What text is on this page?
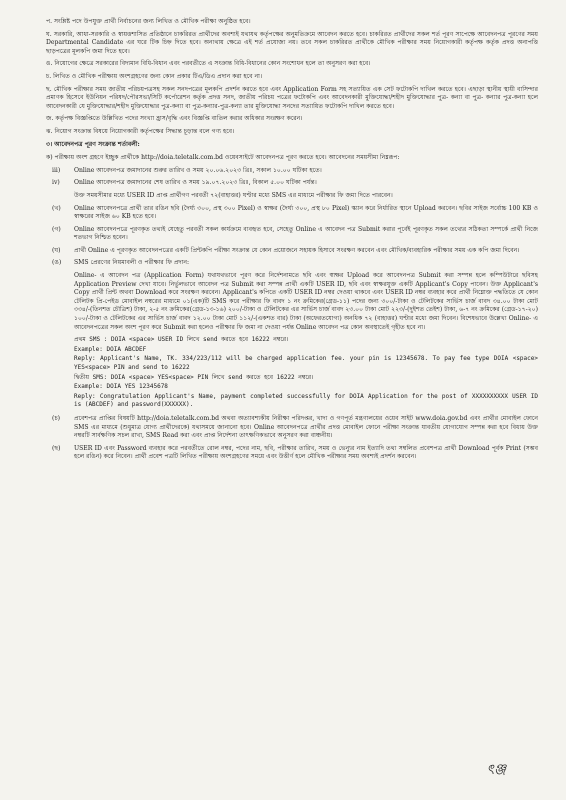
প. সংশ্লিষ্ট পদে উপযুক্ত প্রার্থী নির্বাচনের জন্য লিখিত ও মৌখিক পরীক্ষা অনুষ্ঠিত হবে।

ঘ. সরকারি, আধা-সরকারি ও স্বায়ত্তশাসিত প্রতিষ্ঠানে চাকরিরত প্রার্থীদের অবশ্যই যথাযথ কর্তৃপক্ষের অনুমতিক্রমে আবেদন করতে হবে। চাকরিরত প্রার্থীদের সকল শর্ত পূরণ সাপেক্ষে আবেদনপত্র পূরণের সময় Departmental Candidate এর ঘরে টিক চিহ্ন দিতে হবে। অন্যথায় ক্ষেত্রে এই শর্ত প্রযোজ্য নয়। তবে সকল চাকরিরত প্রার্থীকে মৌখিক পরীক্ষার সময় নিয়োগকারী কর্তৃপক্ষ কর্তৃক প্রদত্ত অনাপত্তি ছাড়পত্রের মূলকপি জমা দিতে হবে।

ঙ. নিয়োগের ক্ষেত্রে সরকারের বিদ্যমান বিধি-বিধান এবং পরবর্তীতে এ সংক্রান্ত বিধি-বিধানের কোন সংশোধন হলে তা অনুসরণ করা হবে।

চ. লিখিত ও মৌখিক পরীক্ষায় অংশগ্রহণের জন্য কোন প্রকার টিএ/ডিএ প্রদান করা হবে না।

ছ. মৌখিক পরীক্ষার সময় জাতীয় পরিচয়পত্রসহ সকল সনদপত্রের মূলকপি প্রদর্শন করতে হবে এবং Application Form সহ সত্যায়িত এক সেট ফটোকপি দাখিল করতে হবে। এছাড়া স্থানীয় স্থায়ী বাসিন্দার প্রমাণক হিসেবে ইউনিয়ন পরিষদ/পৌরসভা/সিটি কর্পোরেশন কর্তৃক প্রদত্ত সনদ, জাতীয় পরিচয় পত্রের ফটোকপি এবং আবেদনকারী মুক্তিযোদ্ধা/শহীদ মুক্তিযোদ্ধার পুত্র- কন্যা বা পুত্র- কন্যার পুত্র-কন্যা হলে আবেদনকারী যে মুক্তিযোদ্ধার/শহীদ মুক্তিযোদ্ধার পুত্র-কন্যা বা পুত্র-কন্যার-পুত্র-কন্যা তার মুক্তিযোদ্ধা সনদের সত্যায়িত ফটোকপি দাখিল করতে হবে।

জ. কর্তৃপক্ষ বিজ্ঞপ্তিতে উল্লিখিত পদের সংখ্যা হ্রাস/বৃদ্ধি এবং বিজ্ঞপ্তি বাতিল করার অধিকার সংরক্ষণ করেন।

ঝ. নিয়োগ সংক্রান্ত বিষয়ে নিয়োগকারী কর্তৃপক্ষের সিদ্ধান্ত চূড়ান্ত বলে গণ্য হবে।

৩। আবেদনপত্র পূরণ সংক্রান্ত শর্তাবলী:

ক) পরীক্ষায় অংশ গ্রহণে ইচ্ছুক প্রার্থীকে http://doia.teletalk.com.bd ওয়েবসাইটে আবেদনপত্র পূরণ করতে হবে। আবেদনের সময়সীমা নিম্নরূপ:

iii)	Online আবেদনপত্র জমাদানের শুরুর তারিখ ও সময় ২০.০৬.২০২৩ খ্রিঃ, সকাল ১০.০০ ঘটিকা হতে।
iv)	Online আবেদনপত্র জমাদানের শেষ তারিখ ও সময় ১৯.০৭.২০২৩ খ্রিঃ, বিকাল ৫.০০ ঘটিকা পর্যন্ত।
উক্ত সময়সীমার মধ্যে USER ID প্রাপ্ত প্রার্থীগণ পরবর্তী ৭২(বাহাত্তর) ঘণ্টার মধ্যে SMS এর মাধ্যমে পরীক্ষার ফি জমা দিতে পারবেন।
(খ)	Online আবেদনপত্রে প্রার্থী তার রঙিন ছবি (দৈর্ঘ্য ৩০০, প্রস্থ ৩০০ Pixel) ও স্বাক্ষর (দৈর্ঘ্য ৩০০, প্রস্থ ৮০ Pixel) স্ক্যান করে নির্ধারিত স্থানে Upload করবেন। ছবির সাইজ সর্বোচ্চ 100 KB ও স্বাক্ষরের সাইজ ৬০ KB হতে হবে।
(গ)	Online আবেদনপত্রে পূরণকৃত তথ্যই যেহেতু পরবর্তী সকল কার্যক্রমে ব্যবহৃত হবে, সেহেতু Online এ আবেদন পত্র Submit করার পূর্বেই পূরণকৃত সকল তথ্যের সঠিকতা সম্পর্কে প্রার্থী নিজে শতভাগ নিশ্চিত হবেন।
(ঘ)	প্রার্থী Online এ পূরণকৃত আবেদনপত্রের একটি প্রিন্টকপি পরীক্ষা সংক্রান্ত যে কোন প্রয়োজনে সহায়ক হিসাবে সংরক্ষণ করবেন এবং মৌখিক/ব্যবহারিক পরীক্ষার সময় এক কপি জমা দিবেন।
(ঙ)	SMS প্রেরণের নিয়মাবলী ও পরীক্ষার ফি প্রদান:

Online- এ আবেদন পত্র (Application Form) যথাযথভাবে পূরণ করে নির্দেশনামতে ছবি এবং স্বাক্ষর Upload করে আবেদনপত্র Submit করা সম্পন্ন হলে কম্পিউটারে ছবিসহ Application Preview দেখা যাবে। নির্ভুলভাবে আবেদন পত্র Submit করা সম্পন্ন প্রার্থী একটি USER ID, ছবি এবং স্বাক্ষরযুক্ত একটি Applicant's Copy পাবেন। উক্ত Applicant's Copy প্রার্থী প্রিন্ট অথবা Download করে সংরক্ষণ করবেন। Applicant's কপিতে একটি USER ID নম্বর দেওয়া থাকবে এবং USER ID নম্বর ব্যবহার করে প্রার্থী নিম্নোক্ত পদ্ধতিতে যে কোন টেলিটক প্রি-পেইড মোবাইল নম্বরের মাধ্যমে ০১(এক)টি SMS করে পরীক্ষার ফি বাবদ ১ নং ক্রমিকের(গ্রেড-১১) পদের জন্য ৩০০/-টাকা ও টেলিটকের সার্ভিস চার্জ বাবদ ৩৪.০০ টাকা মোট ৩৩৪/-(তিনশত চৌত্রিশ) টাকা, ২-৫ নং ক্রমিকের(গ্রেড-১৩-১৬) ২০০/-টাকা ও টেলিটকের এর সার্ভিস চার্জ বাবদ ২৩.০০ টাকা মোট ২২৩/-(দুইশত তেইশ) টাকা, ৬-৭ নং ক্রমিকের (গ্রেড-১৭-২০) ১০০/-টাকা ও টেলিটকের এর সার্ভিস চার্জ বাবদ ১২.০০ টাকা মোট ১১২/-(একশত বার) টাকা (অফেরতযোগ্য) অনধিক ৭২ (বাহাত্তর) ঘণ্টার মধ্যে জমা দিবেন। বিশেষভাবে উল্লেখ্য Online- এ আবেদনপত্রের সকল অংশ পূরণ করে Submit করা হলেও পরীক্ষার ফি জমা না দেওয়া পর্যন্ত Online আবেদন পত্র কোন অবস্থাতেই গৃহীত হবে না।

প্রথম SMS : DOIA <space> USER ID লিখে send করতে হবে 16222 নম্বরে।

Example: DOIA ABCDEF

Reply: Applicant's Name, TK. 334/223/112 will be charged application fee. your pin is 12345678. To pay fee type DOIA <space> YES<space> PIN and send to 16222

দ্বিতীয় SMS: DOIA <space> YES<space> PIN লিখে send করতে হবে 16222 নম্বরে।

Example: DOIA YES 12345678

Reply: Congratulation Applicant's Name, payment completed successfully for DOIA Application for the post of XXXXXXXXXX USER ID is (ABCDEF) and password(XXXXXX).

(চ)	প্রবেশপত্র প্রাপ্তির বিষয়টি http://doia.teletalk.com.bd অথবা অত্যাবশ্যকীয় নিরীক্ষা পরিদপ্তর, খাদ্য ও গণপূর্ত মন্ত্রণালয়ের ওয়েব সাইট www.doia.gov.bd এবং প্রার্থীর মোবাইল ফোনে SMS এর মাধ্যমে (শুধুমাত্র যোগ্য প্রার্থীদেরকে) যথাসময়ে জানানো হবে। Online আবেদনপত্রে প্রার্থীর প্রদত্ত মোবাইল ফোনে পরীক্ষা সংক্রান্ত যাবতীয় যোগাযোগ সম্পন্ন করা হবে বিধায় উক্ত নম্বরটি সার্বক্ষণিক সচল রাখা, SMS Read করা এবং প্রাপ্ত নির্দেশনা তাৎক্ষণিকভাবে অনুসরণ করা বাঞ্চনীয়।
(ছ)	USER ID এবং Password ব্যবহার করে পরবর্তীতে রোল নম্বর, পদের নাম, ছবি, পরীক্ষার তারিখ, সময় ও ভেন্যুর নাম ইত্যাদি তথ্য সম্বলিত প্রবেশপত্র প্রার্থী Download পূর্বক Print (সম্ভব হলে রঙিন) করে নিবেন। প্রার্থী প্রবেশ পত্রটি লিখিত পরীক্ষায় অংশগ্রহণের সময়ে এবং উত্তীর্ণ হলে মৌখিক পরীক্ষার সময় অবশ্যই প্রদর্শন করবেন।
ৎঞ্জ
